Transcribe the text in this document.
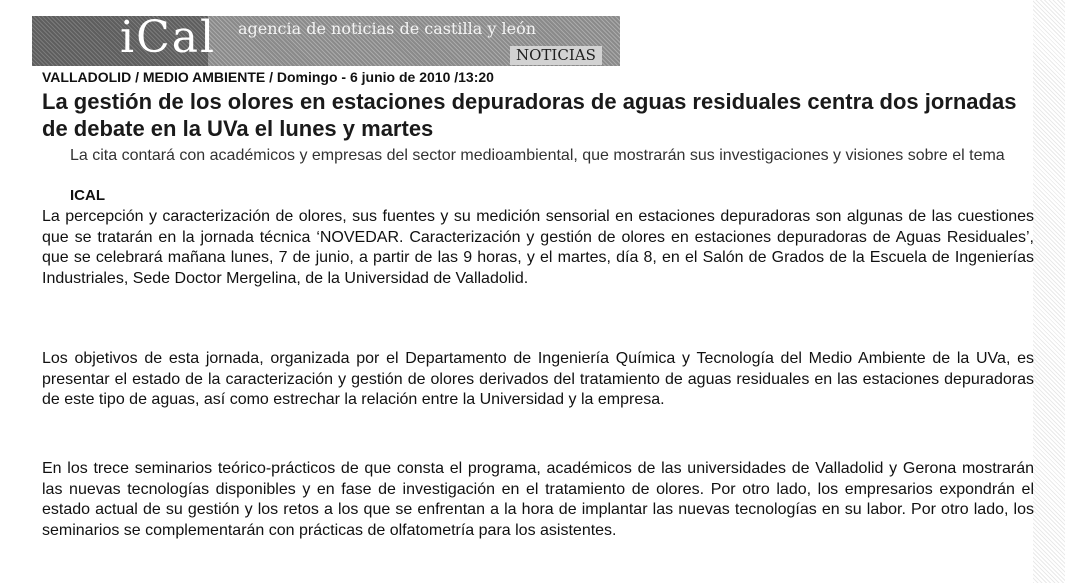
iCal agencia de noticias de castilla y león
NOTICIAS
VALLADOLID / MEDIO AMBIENTE / Domingo - 6 junio de 2010 /13:20
La gestión de los olores en estaciones depuradoras de aguas residuales centra dos jornadas de debate en la UVa el lunes y martes

La cita contará con académicos y empresas del sector medioambiental, que mostrarán sus investigaciones y visiones sobre el tema

ICAL

La percepción y caracterización de olores, sus fuentes y su medición sensorial en estaciones depuradoras son algunas de las cuestiones que se tratarán en la jornada técnica ‘NOVEDAR. Caracterización y gestión de olores en estaciones depuradoras de Aguas Residuales’, que se celebrará mañana lunes, 7 de junio, a partir de las 9 horas, y el martes, día 8, en el Salón de Grados de la Escuela de Ingenierías Industriales, Sede Doctor Mergelina, de la Universidad de Valladolid.

Los objetivos de esta jornada, organizada por el Departamento de Ingeniería Química y Tecnología del Medio Ambiente de la UVa, es presentar el estado de la caracterización y gestión de olores derivados del tratamiento de aguas residuales en las estaciones depuradoras de este tipo de aguas, así como estrechar la relación entre la Universidad y la empresa.

En los trece seminarios teórico-prácticos de que consta el programa, académicos de las universidades de Valladolid y Gerona mostrarán las nuevas tecnologías disponibles y en fase de investigación en el tratamiento de olores. Por otro lado, los empresarios expondrán el estado actual de su gestión y los retos a los que se enfrentan a la hora de implantar las nuevas tecnologías en su labor. Por otro lado, los seminarios se complementarán con prácticas de olfatometría para los asistentes.
